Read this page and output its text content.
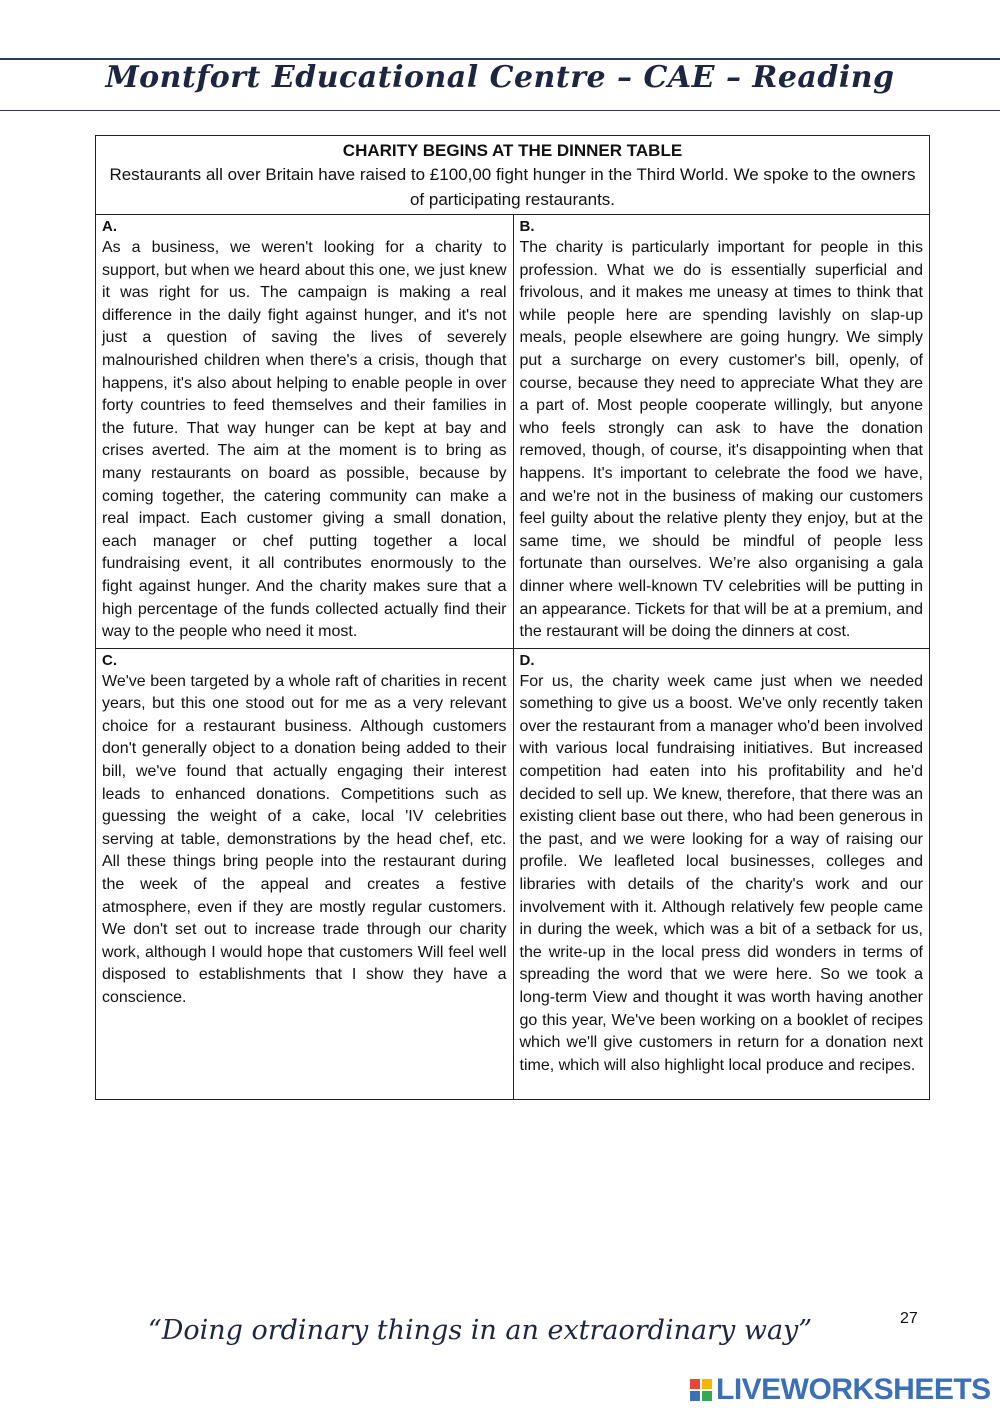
Montfort Educational Centre – CAE – Reading
CHARITY BEGINS AT THE DINNER TABLE
Restaurants all over Britain have raised to £100,00 fight hunger in the Third World. We spoke to the owners of participating restaurants.
A.
As a business, we weren't looking for a charity to support, but when we heard about this one, we just knew it was right for us. The campaign is making a real difference in the daily fight against hunger, and it's not just a question of saving the lives of severely malnourished children when there's a crisis, though that happens, it's also about helping to enable people in over forty countries to feed themselves and their families in the future. That way hunger can be kept at bay and crises averted. The aim at the moment is to bring as many restaurants on board as possible, because by coming together, the catering community can make a real impact. Each customer giving a small donation, each manager or chef putting together a local fundraising event, it all contributes enormously to the fight against hunger. And the charity makes sure that a high percentage of the funds collected actually find their way to the people who need it most.
B.
The charity is particularly important for people in this profession. What we do is essentially superficial and frivolous, and it makes me uneasy at times to think that while people here are spending lavishly on slap-up meals, people elsewhere are going hungry. We simply put a surcharge on every customer's bill, openly, of course, because they need to appreciate What they are a part of. Most people cooperate willingly, but anyone who feels strongly can ask to have the donation removed, though, of course, it's disappointing when that happens. It's important to celebrate the food we have, and we're not in the business of making our customers feel guilty about the relative plenty they enjoy, but at the same time, we should be mindful of people less fortunate than ourselves. We’re also organising a gala dinner where well-known TV celebrities will be putting in an appearance. Tickets for that will be at a premium, and the restaurant will be doing the dinners at cost.
C.
We've been targeted by a whole raft of charities in recent years, but this one stood out for me as a very relevant choice for a restaurant business. Although customers don't generally object to a donation being added to their bill, we've found that actually engaging their interest leads to enhanced donations. Competitions such as guessing the weight of a cake, local 'IV celebrities serving at table, demonstrations by the head chef, etc. All these things bring people into the restaurant during the week of the appeal and creates a festive atmosphere, even if they are mostly regular customers. We don't set out to increase trade through our charity work, although I would hope that customers Will feel well disposed to establishments that I show they have a conscience.
D.
For us, the charity week came just when we needed something to give us a boost. We've only recently taken over the restaurant from a manager who'd been involved with various local fundraising initiatives. But increased competition had eaten into his profitability and he'd decided to sell up. We knew, therefore, that there was an existing client base out there, who had been generous in the past, and we were looking for a way of raising our profile. We leafleted local businesses, colleges and libraries with details of the charity's work and our involvement with it. Although relatively few people came in during the week, which was a bit of a setback for us, the write-up in the local press did wonders in terms of spreading the word that we were here. So we took a long-term View and thought it was worth having another go this year, We've been working on a booklet of recipes which we'll give customers in return for a donation next time, which will also highlight local produce and recipes.
27
“Doing ordinary things in an extraordinary way”
LIVEWORKSHEETS
